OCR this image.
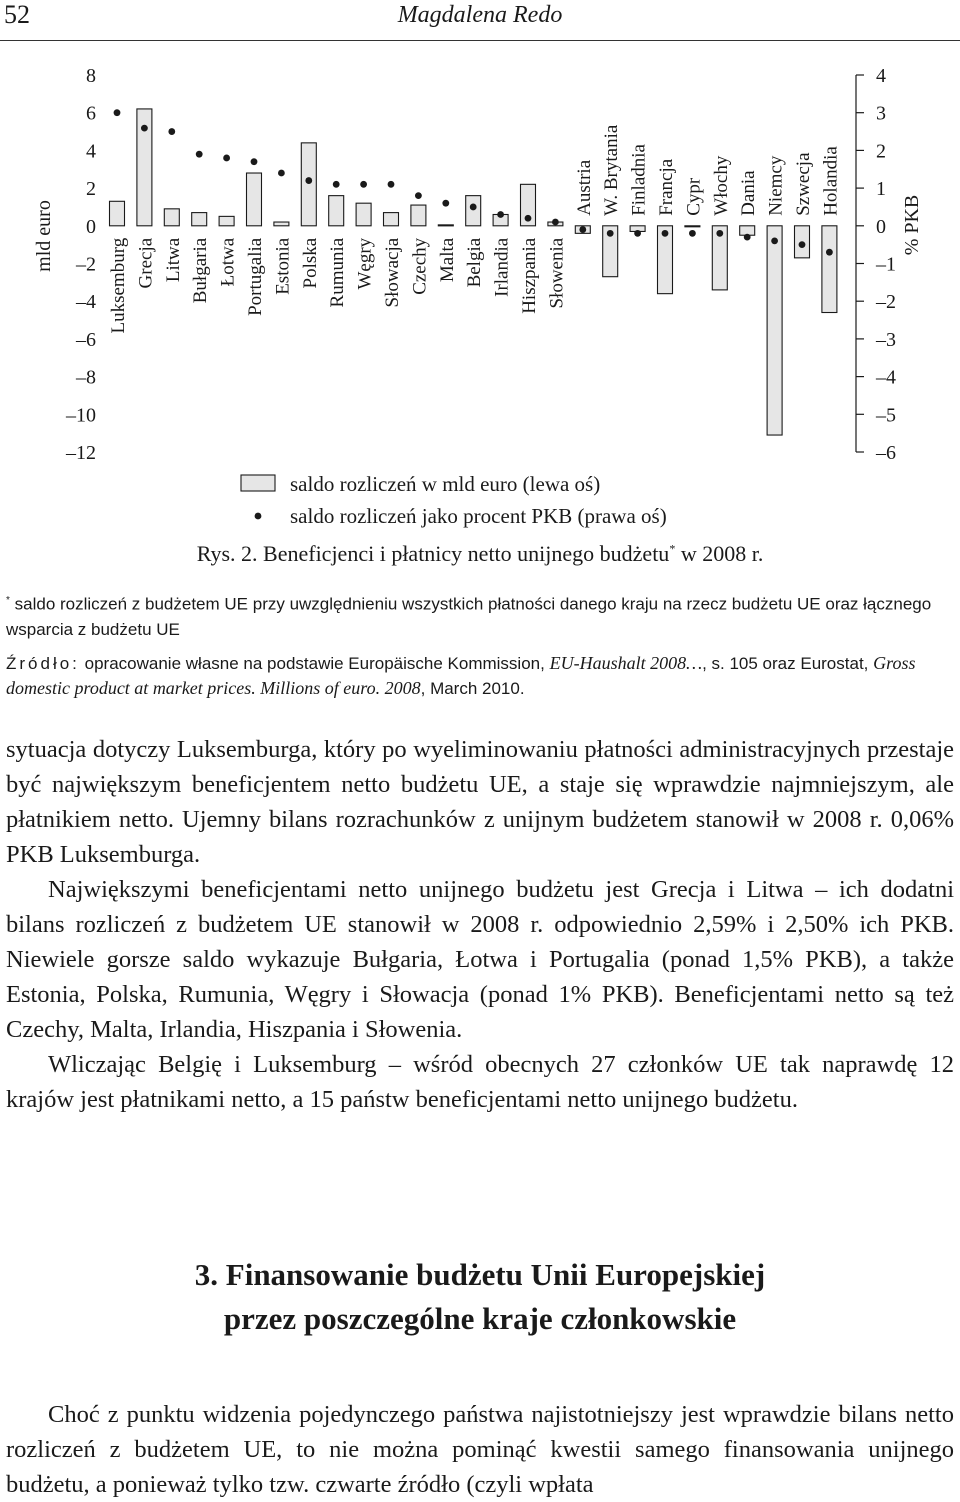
52	Magdalena Redo
8
6
4
2
0
–2
–4
–6
–8
–10
–12
mld euro
4
3
2
1
0
–1
–2
–3
–4
–5
–6
% PKB
Luksemburg Grecja Litwa Bułgaria Łotwa Portugalia Estonia Polska Rumunia Węgry Słowacja Czechy Malta Belgia Irlandia Hiszpania Słowenia
Austria W. Brytania Finladnia Francja Cypr Włochy Dania Niemcy Szwecja Holandia
saldo rozliczeń w mld euro (lewa oś)
saldo rozliczeń jako procent PKB (prawa oś)
Rys. 2. Beneficjenci i płatnicy netto unijnego budżetu* w 2008 r.
* saldo rozliczeń z budżetem UE przy uwzględnieniu wszystkich płatności danego kraju na rzecz budżetu UE oraz łącznego wsparcia z budżetu UE
Źródło: opracowanie własne na podstawie Europäische Kommission, EU-Haushalt 2008…, s. 105 oraz Eurostat, Gross domestic product at market prices. Millions of euro. 2008, March 2010.

sytuacja dotyczy Luksemburga, który po wyeliminowaniu płatności administracyjnych przestaje być największym beneficjentem netto budżetu UE, a staje się wprawdzie najmniejszym, ale płatnikiem netto. Ujemny bilans rozrachunków z unijnym budżetem stanowił w 2008 r. 0,06% PKB Luksemburga.

Największymi beneficjentami netto unijnego budżetu jest Grecja i Litwa – ich dodatni bilans rozliczeń z budżetem UE stanowił w 2008 r. odpowiednio 2,59% i 2,50% ich PKB. Niewiele gorsze saldo wykazuje Bułgaria, Łotwa i Portugalia (ponad 1,5% PKB), a także Estonia, Polska, Rumunia, Węgry i Słowacja (ponad 1% PKB). Beneficjentami netto są też Czechy, Malta, Irlandia, Hiszpania i Słowenia.

Wliczając Belgię i Luksemburg – wśród obecnych 27 członków UE tak naprawdę 12 krajów jest płatnikami netto, a 15 państw beneficjentami netto unijnego budżetu.

3. Finansowanie budżetu Unii Europejskiej
przez poszczególne kraje członkowskie

Choć z punktu widzenia pojedynczego państwa najistotniejszy jest wprawdzie bilans netto rozliczeń z budżetem UE, to nie można pominąć kwestii samego finansowania unijnego budżetu, a ponieważ tylko tzw. czwarte źródło (czyli wpłata
